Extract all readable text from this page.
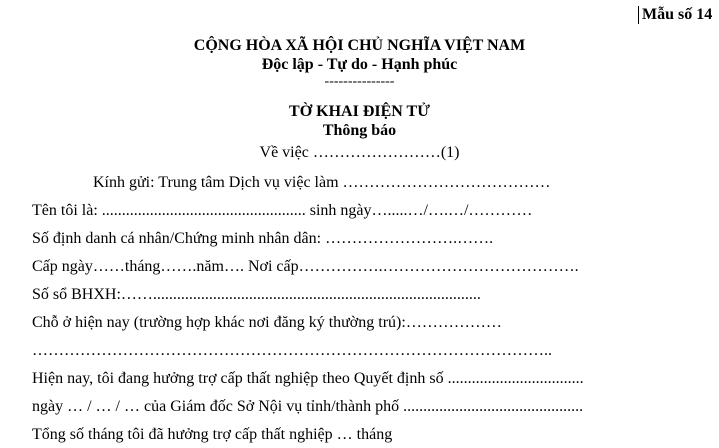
Mẫu số 14
CỘNG HÒA XÃ HỘI CHỦ NGHĨA VIỆT NAM
Độc lập - Tự do - Hạnh phúc
---------------
TỜ KHAI ĐIỆN TỬ
Thông báo
Về việc ……………………(1)
Kính gửi: Trung tâm Dịch vụ việc làm …………………………………
Tên tôi là: ................................................... sinh ngày….....…/….…/…………
Số định danh cá nhân/Chứng minh nhân dân: …………………….…….
Cấp ngày……tháng…….năm…. Nơi cấp…………….……………………………….
Số sổ BHXH:……..................................................................................
Chỗ ở hiện nay (trường hợp khác nơi đăng ký thường trú):………………
……………………………………………………………………………………..
Hiện nay, tôi đang hưởng trợ cấp thất nghiệp theo Quyết định số ..................................
ngày … / … / … của Giám đốc Sở Nội vụ tỉnh/thành phố .............................................
Tổng số tháng tôi đã hưởng trợ cấp thất nghiệp … tháng
